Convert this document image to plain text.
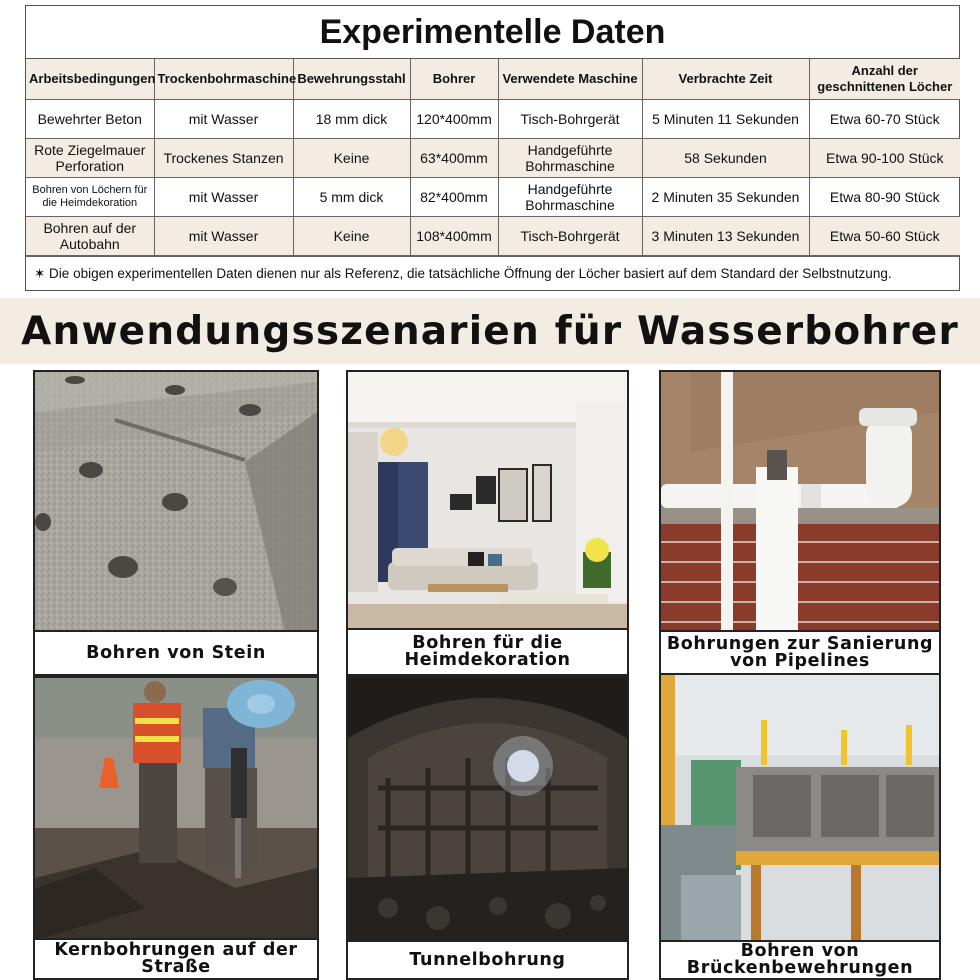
Experimentelle Daten
Arbeitsbedingungen	Trockenbohrmaschine	Bewehrungsstahl	Bohrer	Verwendete Maschine	Verbrachte Zeit	Anzahl der geschnittenen Löcher
Bewehrter Beton	mit Wasser	18 mm dick	120*400mm	Tisch-Bohrgerät	5 Minuten 11 Sekunden	Etwa 60-70 Stück
Rote Ziegelmauer Perforation	Trockenes Stanzen	Keine	63*400mm	Handgeführte Bohrmaschine	58 Sekunden	Etwa 90-100 Stück
Bohren von Löchern für die Heimdekoration	mit Wasser	5 mm dick	82*400mm	Handgeführte Bohrmaschine	2 Minuten 35 Sekunden	Etwa 80-90 Stück
Bohren auf der Autobahn	mit Wasser	Keine	108*400mm	Tisch-Bohrgerät	3 Minuten 13 Sekunden	Etwa 50-60 Stück
✶ Die obigen experimentellen Daten dienen nur als Referenz, die tatsächliche Öffnung der Löcher basiert auf dem Standard der Selbstnutzung.
Anwendungsszenarien für Wasserbohrer
Bohren von Stein	Bohren für die Heimdekoration
Bohrungen zur Sanierung von Pipelines
Kernbohrungen auf der Straße	Tunnelbohrung	Bohren von Brückenbewehrungen
